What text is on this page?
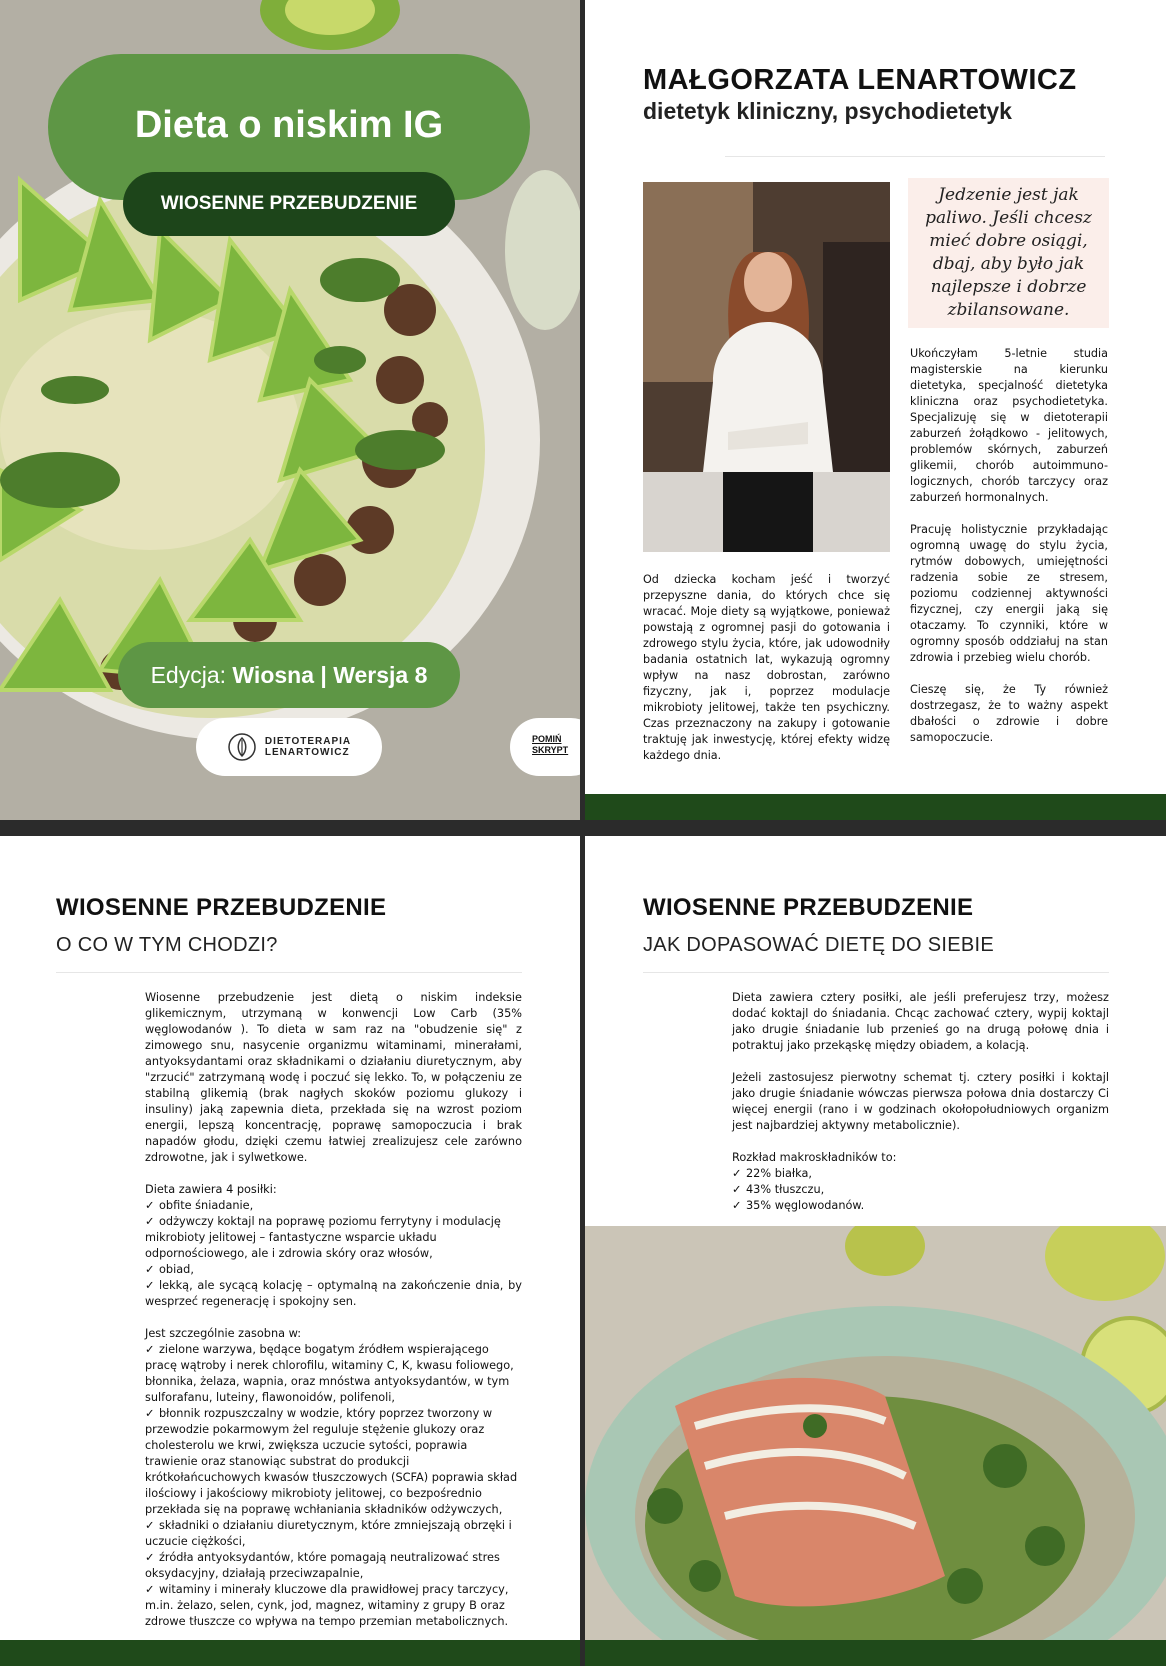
Dieta o niskim IG
WIOSENNE PRZEBUDZENIE
Edycja: Wiosna | Wersja 8
DIETOTERAPIA
LENARTOWICZ
POMIŃ
SKRYPT
MAŁGORZATA LENARTOWICZ
dietetyk kliniczny, psychodietetyk
Jedzenie jest jak paliwo. Jeśli chcesz mieć dobre osiągi, dbaj, aby było jak najlepsze i dobrze zbilansowane.

Ukończyłam 5-letnie studia magisterskie na kierunku dietetyka, specjalność dietetyka kliniczna oraz psychodietetyka. Specjalizuję się w dietoterapii zaburzeń żołądkowo - jelitowych, problemów skórnych, zaburzeń glikemii, chorób autoimmuno-logicznych, chorób tarczycy oraz zaburzeń hormonalnych.

Pracuję holistycznie przykładając ogromną uwagę do stylu życia, rytmów dobowych, umiejętności radzenia sobie ze stresem, poziomu codziennej aktywności fizycznej, czy energii jaką się otaczamy. To czynniki, które w ogromny sposób oddziałuj na stan zdrowia i przebieg wielu chorób.

Cieszę się, że Ty również dostrzegasz, że to ważny aspekt dbałości o zdrowie i dobre samopoczucie.

Od dziecka kocham jeść i tworzyć przepyszne dania, do których chce się wracać. Moje diety są wyjątkowe, ponieważ powstają z ogromnej pasji do gotowania i zdrowego stylu życia, które, jak udowodniły badania ostatnich lat, wykazują ogromny wpływ na nasz dobrostan, zarówno fizyczny, jak i, poprzez modulacje mikrobioty jelitowej, także ten psychiczny. Czas przeznaczony na zakupy i gotowanie traktuję jak inwestycję, której efekty widzę każdego dnia.

WIOSENNE PRZEBUDZENIE
O CO W TYM CHODZI?

Wiosenne przebudzenie jest dietą o niskim indeksie glikemicznym, utrzymaną w konwencji Low Carb (35% węglowodanów ). To dieta w sam raz na "obudzenie się" z zimowego snu, nasycenie organizmu witaminami, minerałami, antyoksydantami oraz składnikami o działaniu diuretycznym, aby "zrzucić" zatrzymaną wodę i poczuć się lekko. To, w połączeniu ze stabilną glikemią (brak nagłych skoków poziomu glukozy i insuliny) jaką zapewnia dieta, przekłada się na wzrost poziom energii, lepszą koncentrację, poprawę samopoczucia i brak napadów głodu, dzięki czemu łatwiej zrealizujesz cele zarówno zdrowotne, jak i sylwetkowe.

Dieta zawiera 4 posiłki:

✓ obfite śniadanie,
✓ odżywczy koktajl na poprawę poziomu ferrytyny i modulację mikrobioty jelitowej – fantastyczne wsparcie układu odpornościowego, ale i zdrowia skóry oraz włosów,
✓ obiad,
✓ lekką, ale sycącą kolację – optymalną na zakończenie dnia, by wesprzeć regenerację i spokojny sen.

Jest szczególnie zasobna w:

✓ zielone warzywa, będące bogatym źródłem wspierającego pracę wątroby i nerek chlorofilu, witaminy C, K, kwasu foliowego, błonnika, żelaza, wapnia, oraz mnóstwa antyoksydantów, w tym sulforafanu, luteiny, flawonoidów, polifenoli,
✓ błonnik rozpuszczalny w wodzie, który poprzez tworzony w przewodzie pokarmowym żel reguluje stężenie glukozy oraz cholesterolu we krwi, zwiększa uczucie sytości, poprawia trawienie oraz stanowiąc substrat do produkcji krótkołańcuchowych kwasów tłuszczowych (SCFA) poprawia skład ilościowy i jakościowy mikrobioty jelitowej, co bezpośrednio przekłada się na poprawę wchłaniania składników odżywczych,
✓ składniki o działaniu diuretycznym, które zmniejszają obrzęki i uczucie ciężkości,
✓ źródła antyoksydantów, które pomagają neutralizować stres oksydacyjny, działają przeciwzapalnie,
✓ witaminy i minerały kluczowe dla prawidłowej pracy tarczycy, m.in. żelazo, selen, cynk, jod, magnez, witaminy z grupy B oraz zdrowe tłuszcze co wpływa na tempo przemian metabolicznych.
WIOSENNE PRZEBUDZENIE
JAK DOPASOWAĆ DIETĘ DO SIEBIE

Dieta zawiera cztery posiłki, ale jeśli preferujesz trzy, możesz dodać koktajl do śniadania. Chcąc zachować cztery, wypij koktajl jako drugie śniadanie lub przenieś go na drugą połowę dnia i potraktuj jako przekąskę między obiadem, a kolacją.

Jeżeli zastosujesz pierwotny schemat tj. cztery posiłki i koktajl jako drugie śniadanie wówczas pierwsza połowa dnia dostarczy Ci więcej energii (rano i w godzinach okołopołudniowych organizm jest najbardziej aktywny metabolicznie).

Rozkład makroskładników to:

✓ 22% białka,
✓ 43% tłuszczu,
✓ 35% węglowodanów.
